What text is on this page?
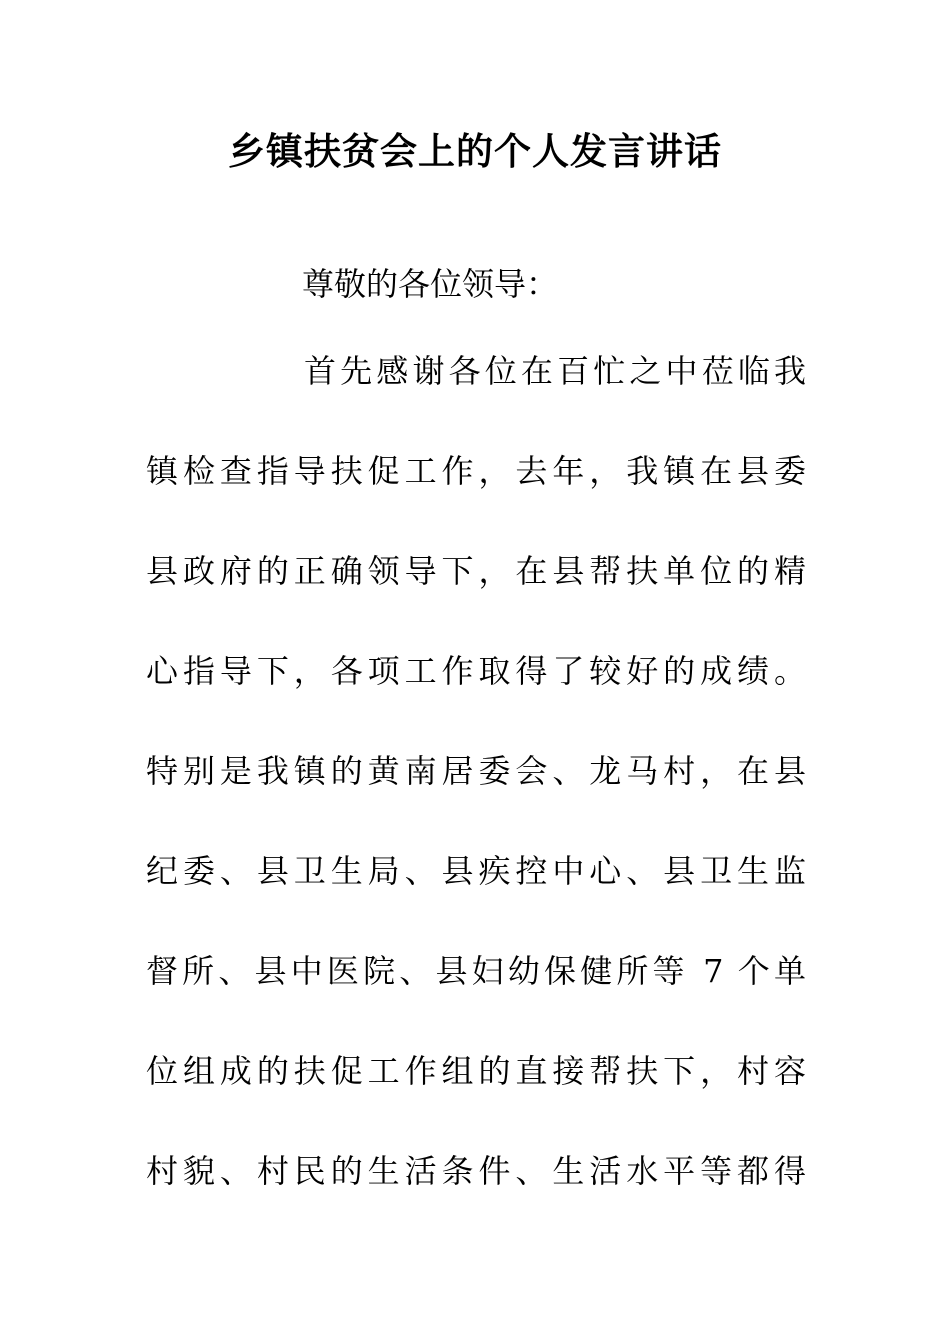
乡镇扶贫会上的个人发言讲话

尊敬的各位领导：

首先感谢各位在百忙之中莅临我
镇检查指导扶促工作，去年，我镇在县委
县政府的正确领导下，在县帮扶单位的精
心指导下，各项工作取得了较好的成绩。
特别是我镇的黄南居委会、龙马村，在县
纪委、县卫生局、县疾控中心、县卫生监
督所、县中医院、县妇幼保健所等 7 个单
位组成的扶促工作组的直接帮扶下，村容
村貌、村民的生活条件、生活水平等都得
